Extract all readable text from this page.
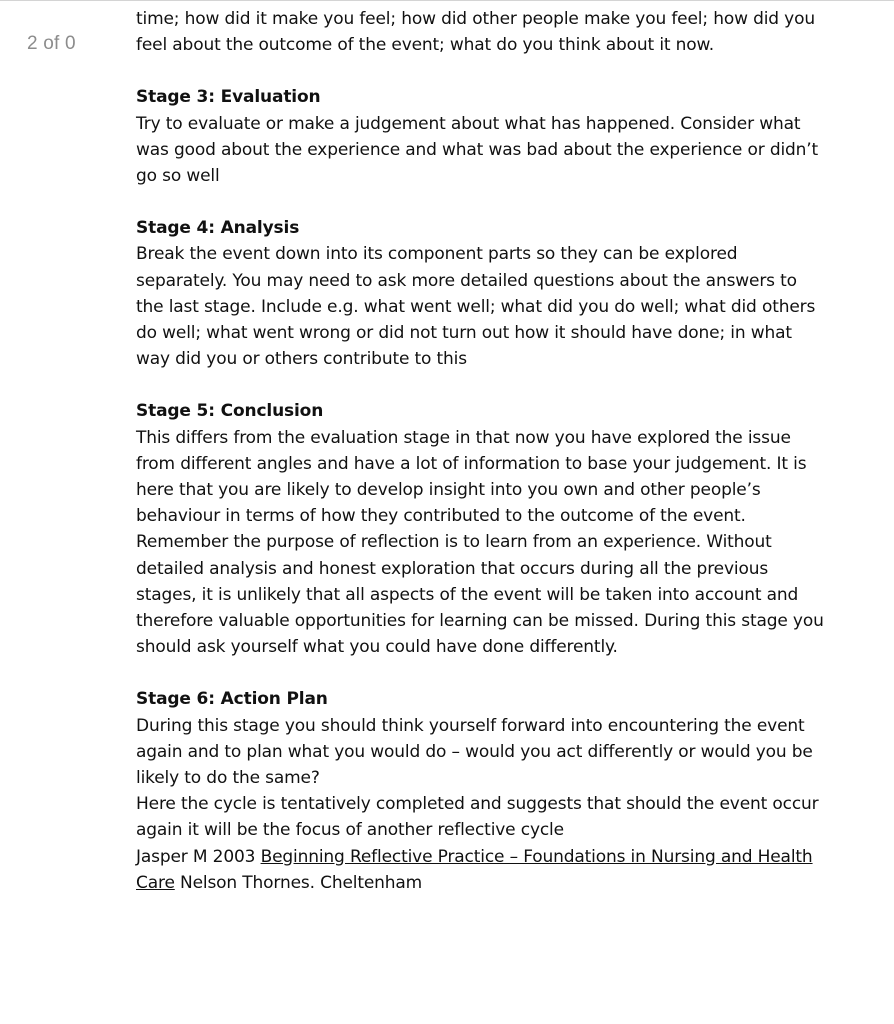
2 of 0

time; how did it make you feel; how did other people make you feel; how did you feel about the outcome of the event; what do you think about it now.

Stage 3: Evaluation

Try to evaluate or make a judgement about what has happened. Consider what was good about the experience and what was bad about the experience or didn’t go so well

Stage 4: Analysis

Break the event down into its component parts so they can be explored separately. You may need to ask more detailed questions about the answers to the last stage. Include e.g. what went well; what did you do well; what did others do well; what went wrong or did not turn out how it should have done; in what way did you or others contribute to this

Stage 5: Conclusion

This differs from the evaluation stage in that now you have explored the issue from different angles and have a lot of information to base your judgement. It is here that you are likely to develop insight into you own and other people’s behaviour in terms of how they contributed to the outcome of the event. Remember the purpose of reflection is to learn from an experience. Without detailed analysis and honest exploration that occurs during all the previous stages, it is unlikely that all aspects of the event will be taken into account and therefore valuable opportunities for learning can be missed. During this stage you should ask yourself what you could have done differently.

Stage 6: Action Plan

During this stage you should think yourself forward into encountering the event again and to plan what you would do – would you act differently or would you be likely to do the same?

Here the cycle is tentatively completed and suggests that should the event occur again it will be the focus of another reflective cycle

Jasper M 2003 Beginning Reflective Practice – Foundations in Nursing and Health Care Nelson Thornes. Cheltenham
